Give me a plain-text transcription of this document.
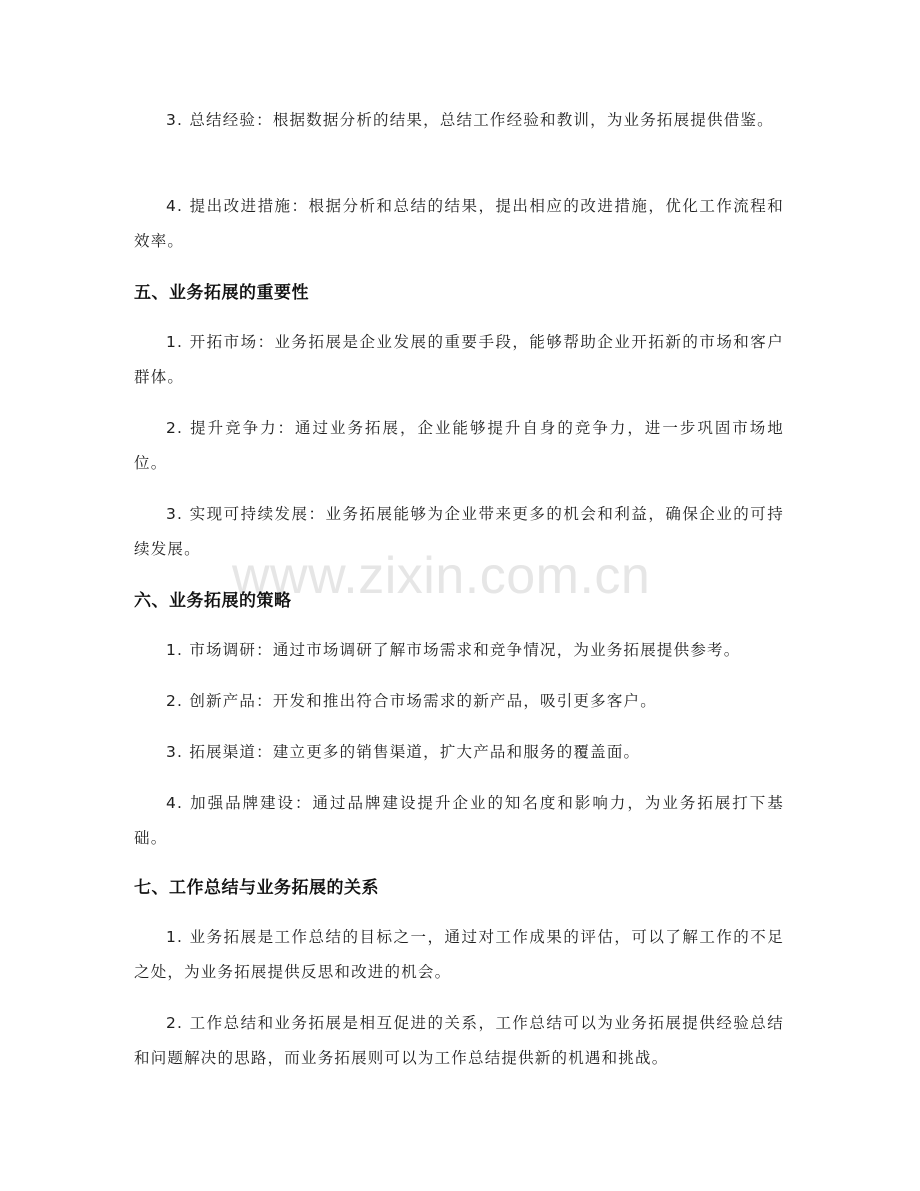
www.zixin.com.cn

3. 总结经验：根据数据分析的结果，总结工作经验和教训，为业务拓展提供借鉴。

4. 提出改进措施：根据分析和总结的结果，提出相应的改进措施，优化工作流程和效率。

五、业务拓展的重要性

1. 开拓市场：业务拓展是企业发展的重要手段，能够帮助企业开拓新的市场和客户群体。

2. 提升竞争力：通过业务拓展，企业能够提升自身的竞争力，进一步巩固市场地位。

3. 实现可持续发展：业务拓展能够为企业带来更多的机会和利益，确保企业的可持续发展。

六、业务拓展的策略

1. 市场调研：通过市场调研了解市场需求和竞争情况，为业务拓展提供参考。

2. 创新产品：开发和推出符合市场需求的新产品，吸引更多客户。

3. 拓展渠道：建立更多的销售渠道，扩大产品和服务的覆盖面。

4. 加强品牌建设：通过品牌建设提升企业的知名度和影响力，为业务拓展打下基础。

七、工作总结与业务拓展的关系

1. 业务拓展是工作总结的目标之一，通过对工作成果的评估，可以了解工作的不足之处，为业务拓展提供反思和改进的机会。

2. 工作总结和业务拓展是相互促进的关系，工作总结可以为业务拓展提供经验总结和问题解决的思路，而业务拓展则可以为工作总结提供新的机遇和挑战。
